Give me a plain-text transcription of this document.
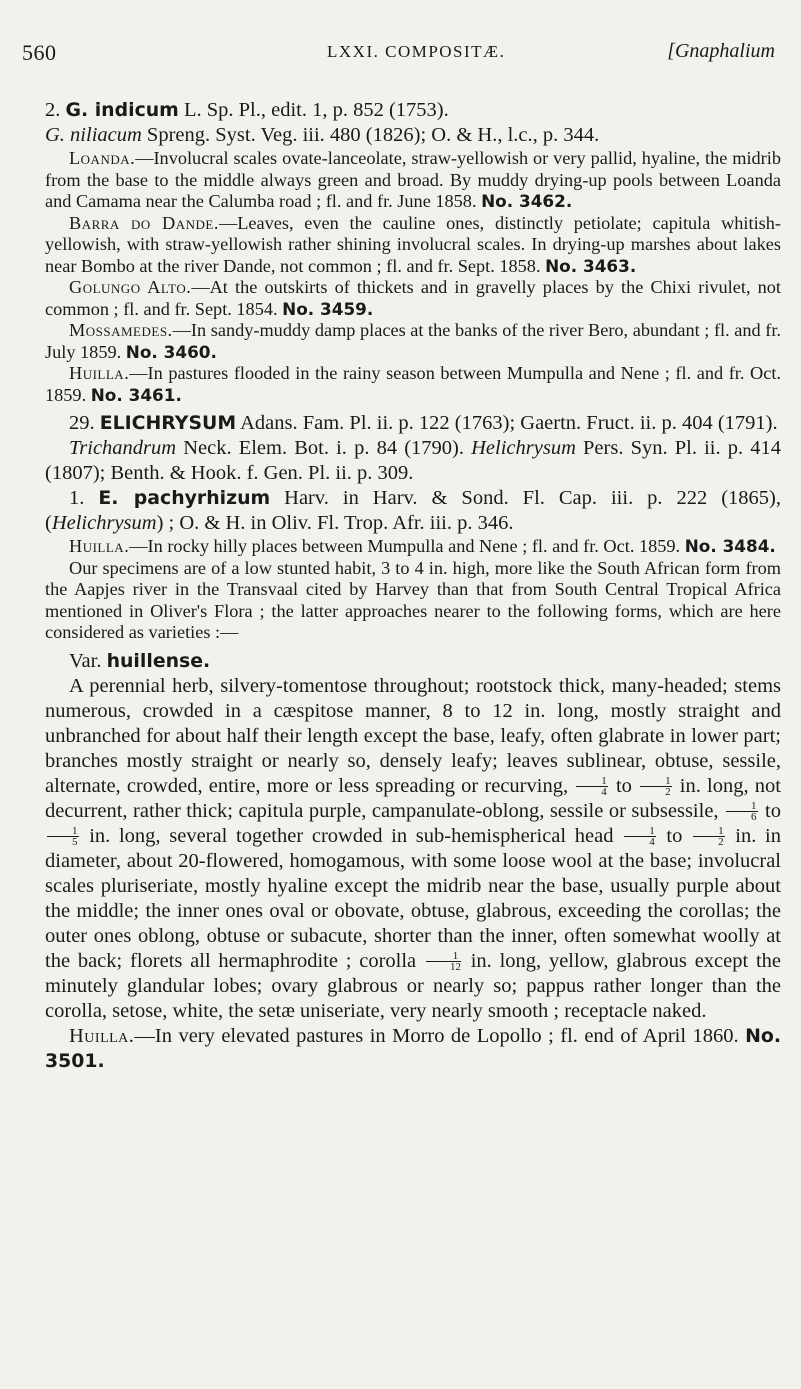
560	LXXI. COMPOSITÆ.	[Gnaphalium

2. G. indicum L. Sp. Pl., edit. 1, p. 852 (1753).

G. niliacum Spreng. Syst. Veg. iii. 480 (1826); O. & H., l.c., p. 344.

Loanda.—Involucral scales ovate-lanceolate, straw-yellowish or very pallid, hyaline, the midrib from the base to the middle always green and broad. By muddy drying-up pools between Loanda and Camama near the Calumba road ; fl. and fr. June 1858. No. 3462.

Barra do Dande.—Leaves, even the cauline ones, distinctly petiolate; capitula whitish-yellowish, with straw-yellowish rather shining involucral scales. In drying-up marshes about lakes near Bombo at the river Dande, not common ; fl. and fr. Sept. 1858. No. 3463.

Golungo Alto.—At the outskirts of thickets and in gravelly places by the Chixi rivulet, not common ; fl. and fr. Sept. 1854. No. 3459.

Mossamedes.—In sandy-muddy damp places at the banks of the river Bero, abundant ; fl. and fr. July 1859. No. 3460.

Huilla.—In pastures flooded in the rainy season between Mumpulla and Nene ; fl. and fr. Oct. 1859. No. 3461.

29. ELICHRYSUM Adans. Fam. Pl. ii. p. 122 (1763); Gaertn. Fruct. ii. p. 404 (1791).

Trichandrum Neck. Elem. Bot. i. p. 84 (1790). Helichrysum Pers. Syn. Pl. ii. p. 414 (1807); Benth. & Hook. f. Gen. Pl. ii. p. 309.

1. E. pachyrhizum Harv. in Harv. & Sond. Fl. Cap. iii. p. 222 (1865), (Helichrysum) ; O. & H. in Oliv. Fl. Trop. Afr. iii. p. 346.

Huilla.—In rocky hilly places between Mumpulla and Nene ; fl. and fr. Oct. 1859. No. 3484.

Our specimens are of a low stunted habit, 3 to 4 in. high, more like the South African form from the Aapjes river in the Transvaal cited by Harvey than that from South Central Tropical Africa mentioned in Oliver's Flora ; the latter approaches nearer to the following forms, which are here considered as varieties :—

Var. huillense.

A perennial herb, silvery-tomentose throughout; rootstock thick, many-headed; stems numerous, crowded in a cæspitose manner, 8 to 12 in. long, mostly straight and unbranched for about half their length except the base, leafy, often glabrate in lower part; branches mostly straight or nearly so, densely leafy; leaves sublinear, obtuse, sessile, alternate, crowded, entire, more or less spreading or recurving, $\frac{1}{4}$ to $\frac{1}{2}$ in. long, not decurrent, rather thick; capitula purple, campanulate-oblong, sessile or subsessile, $\frac{1}{6}$ to
$\frac{1}{5}$ in. long, several together crowded in sub-hemispherical head $\frac{1}{4}$ to $\frac{1}{2}$ in. in diameter, about 20-flowered, homogamous, with some loose wool at the base; involucral scales pluriseriate, mostly hyaline except the midrib near the base, usually purple about the middle; the inner ones oval or obovate, obtuse, glabrous, exceeding the corollas; the outer ones oblong, obtuse or subacute, shorter than the inner, often somewhat woolly at the back; florets all hermaphrodite ; corolla $\frac{1}{12}$ in. long, yellow, glabrous except the minutely glandular lobes; ovary glabrous or nearly so; pappus rather longer than the corolla, setose, white, the setæ uniseriate, very nearly smooth ; receptacle naked.

Huilla.—In very elevated pastures in Morro de Lopollo ; fl. end of April 1860. No. 3501.
